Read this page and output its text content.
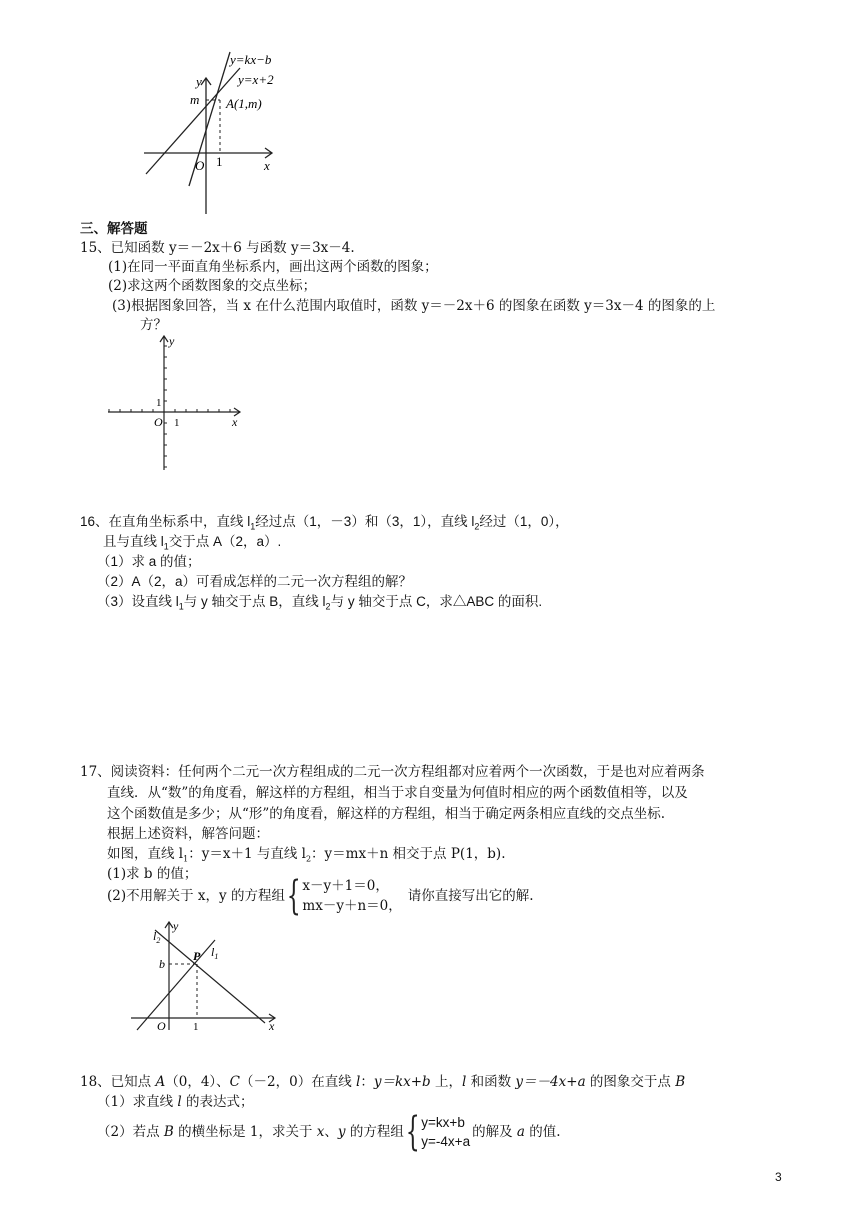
y=kx−b
y=x+2
y
m A(1,m)
O 1	x
三、解答题
15、已知函数 y＝－2x＋6 与函数 y＝3x－4.
(1)在同一平面直角坐标系内，画出这两个函数的图象；
(2)求这两个函数图象的交点坐标；
(3)根据图象回答，当 x 在什么范围内取值时，函数 y＝－2x＋6 的图象在函数 y＝3x－4 的图象的上
方？
y
x
1
O 1
16、在直角坐标系中，直线 $l_1$经过点（1，－3）和（3，1），直线 $l_2$经过（1，0），
且与直线 $l_1$交于点 A（2，a）.
（1）求 a 的值；
（2）A（2，a）可看成怎样的二元一次方程组的解？
（3）设直线 $l_1$与 y 轴交于点 B，直线 $l_2$与 y 轴交于点 C，求△ABC 的面积.
17、阅读资料：任何两个二元一次方程组成的二元一次方程组都对应着两个一次函数，于是也对应着两条
直线．从“数”的角度看，解这样的方程组，相当于求自变量为何值时相应的两个函数值相等，以及
这个函数值是多少；从“形”的角度看，解这样的方程组，相当于确定两条相应直线的交点坐标.
根据上述资料，解答问题：
如图，直线 $l_1$：y＝x＋1 与直线 $l_2$：y＝mx＋n 相交于点 P(1，b).
(1)求 b 的值；
(2)不用解关于 x，y 的方程组 { x－y＋1＝0，
mx－y＋n＝0，
请你直接写出它的解.
$l_2$
y
P $l_1$
b
O 1	x
18、已知点 A（0，4）、C（－2，0）在直线 l：y＝kx+b 上，l 和函数 y＝－4x+a 的图象交于点 B
（1）求直线 l 的表达式；
（2）若点 B 的横坐标是 1，求关于 x、y 的方程组 { y=kx+b
y=-4x+a
的解及 a 的值.
3
